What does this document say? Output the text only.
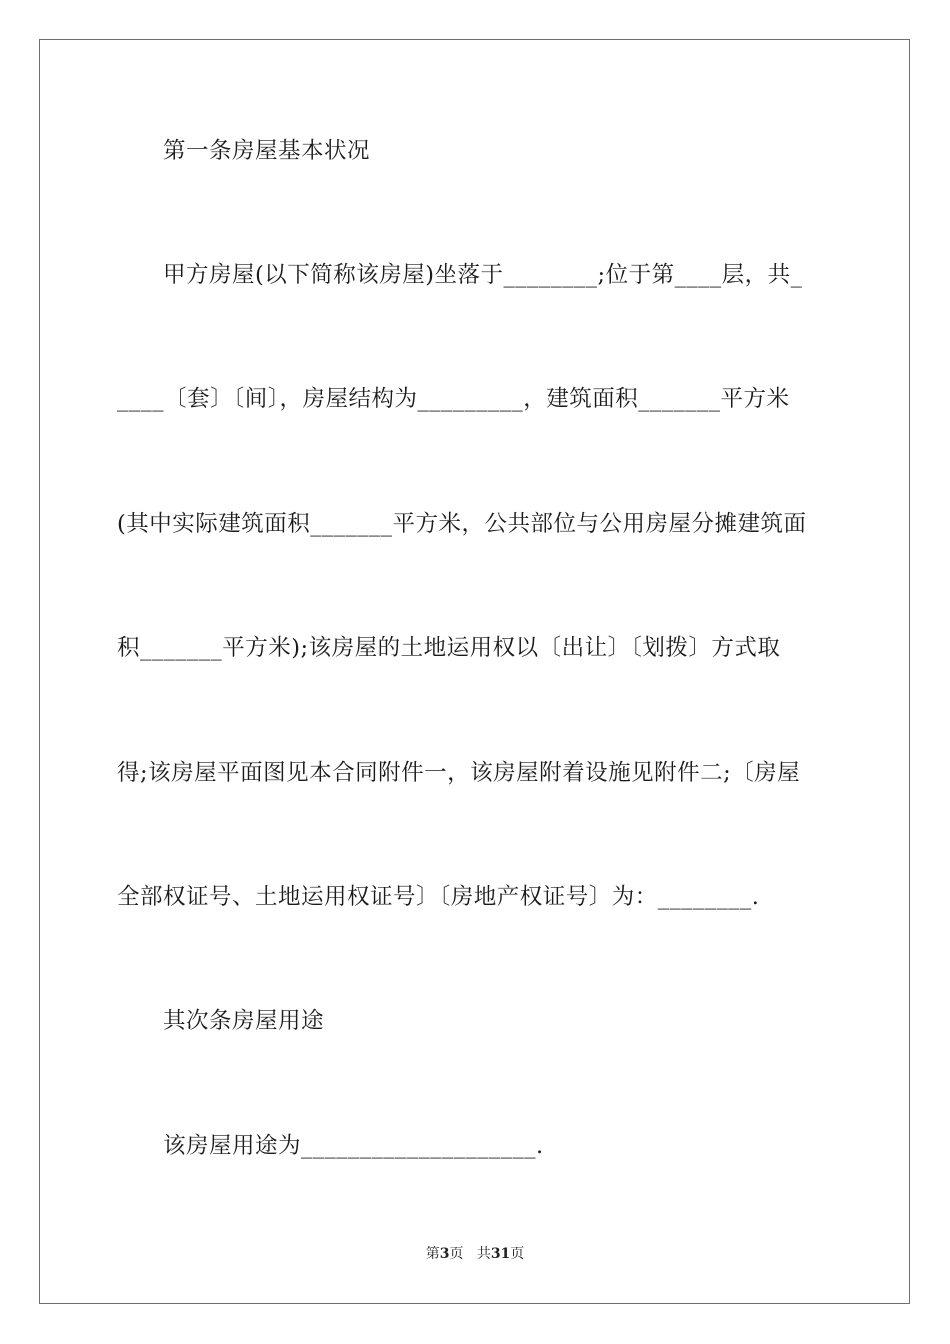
第一条房屋基本状况
甲方房屋(以下简称该房屋)坐落于________;位于第____层，共_
____〔套〕〔间〕，房屋结构为_________，建筑面积_______平方米
(其中实际建筑面积_______平方米，公共部位与公用房屋分摊建筑面
积_______平方米);该房屋的土地运用权以〔出让〕〔划拨〕方式取
得;该房屋平面图见本合同附件一，该房屋附着设施见附件二;〔房屋
全部权证号、土地运用权证号〕〔房地产权证号〕为：________.
其次条房屋用途
该房屋用途为____________________.
第3页 共31页
